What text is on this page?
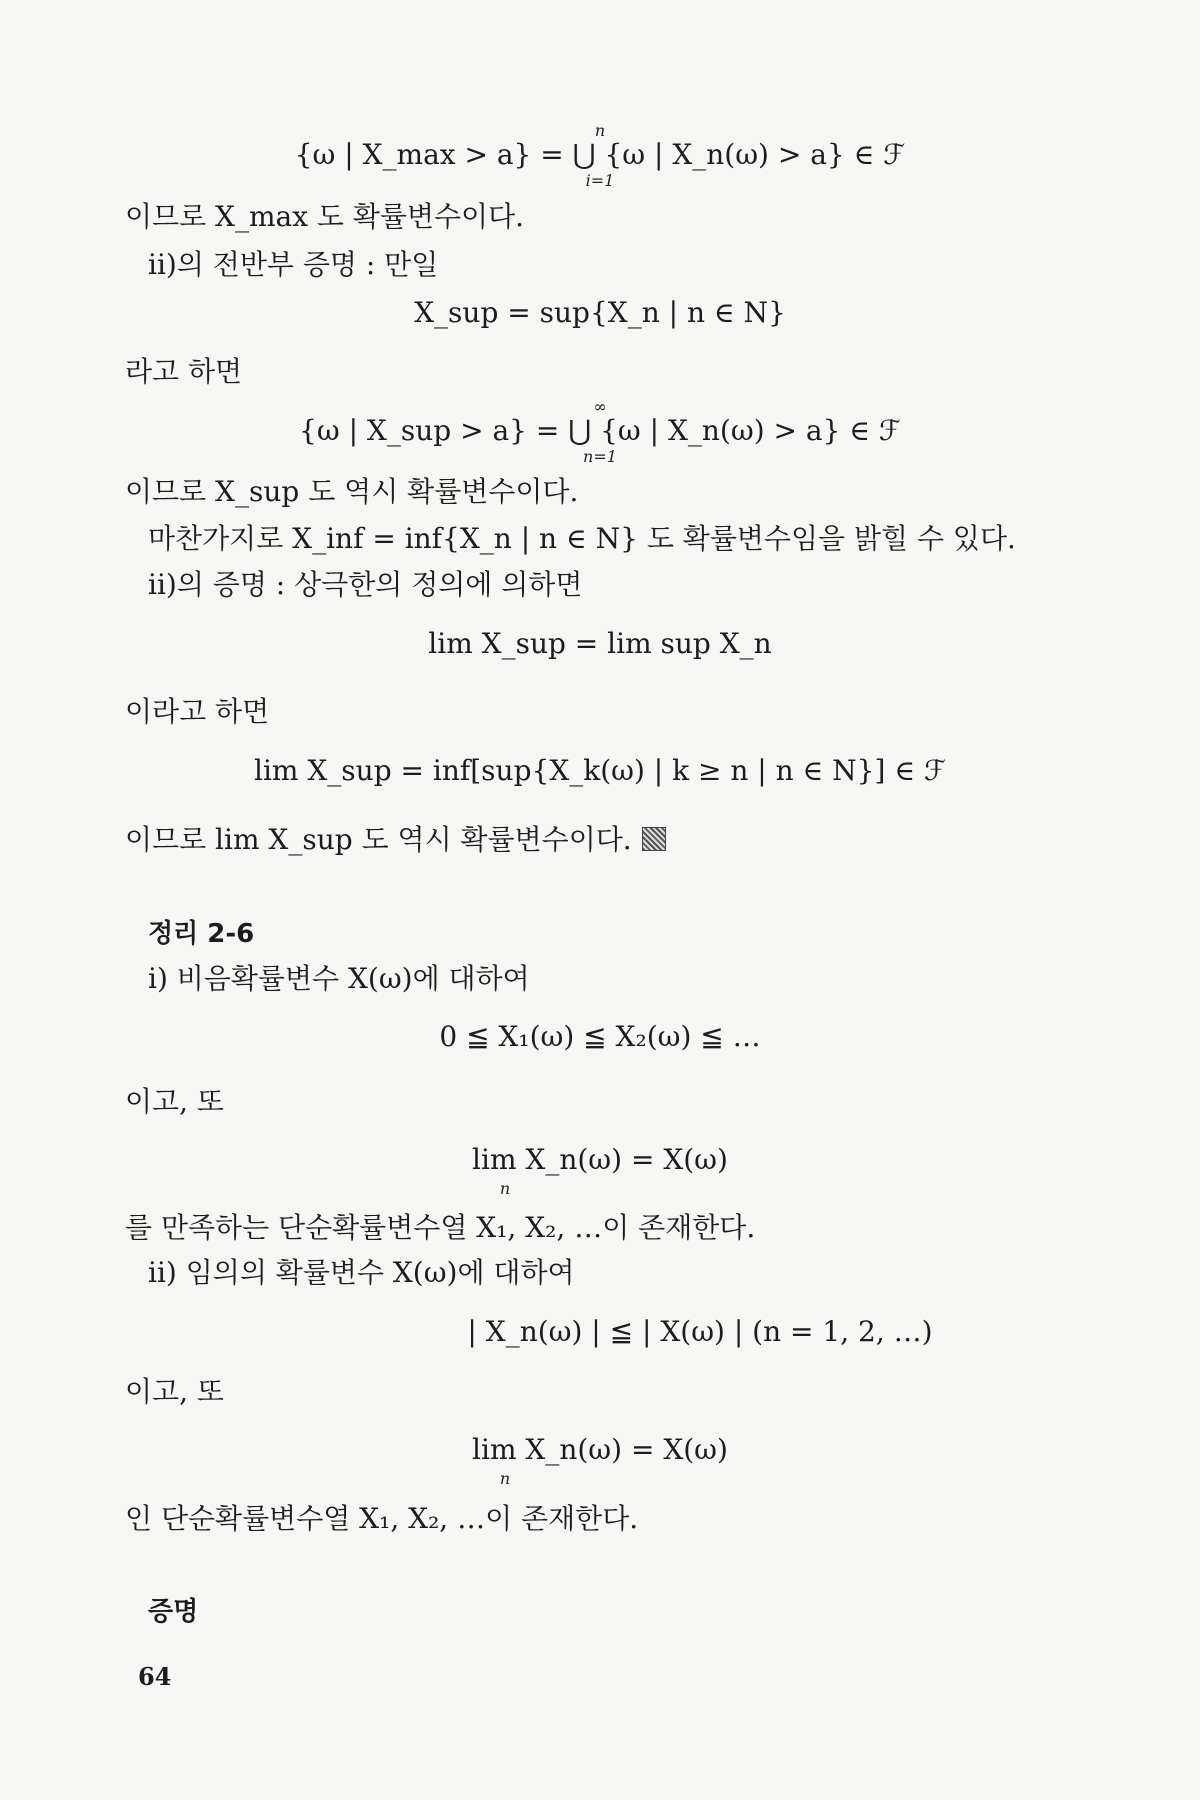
n
{ω | X_max > a} = ⋃ {ω | X_n(ω) > a} ∈ ℱ
i=1
이므로 X_max 도 확률변수이다.
ii)의 전반부 증명 : 만일
X_sup = sup{X_n | n ∈ N}
라고 하면
∞
{ω | X_sup > a} = ⋃ {ω | X_n(ω) > a} ∈ ℱ
n=1
이므로 X_sup 도 역시 확률변수이다.
마찬가지로 X_inf = inf{X_n | n ∈ N} 도 확률변수임을 밝힐 수 있다.
ii)의 증명 : 상극한의 정의에 의하면
lim X_sup = lim sup X_n
이라고 하면
lim X_sup = inf[sup{X_k(ω) | k ≥ n | n ∈ N}] ∈ ℱ
이므로 lim X_sup 도 역시 확률변수이다.
정리 2-6
i) 비음확률변수 X(ω)에 대하여
0 ≦ X₁(ω) ≦ X₂(ω) ≦ …
이고, 또
lim X_n(ω) = X(ω)
n
를 만족하는 단순확률변수열 X₁, X₂, …이 존재한다.
ii) 임의의 확률변수 X(ω)에 대하여
| X_n(ω) | ≦ | X(ω) | (n = 1, 2, …)
이고, 또
lim X_n(ω) = X(ω)
n
인 단순확률변수열 X₁, X₂, …이 존재한다.
증명
64
